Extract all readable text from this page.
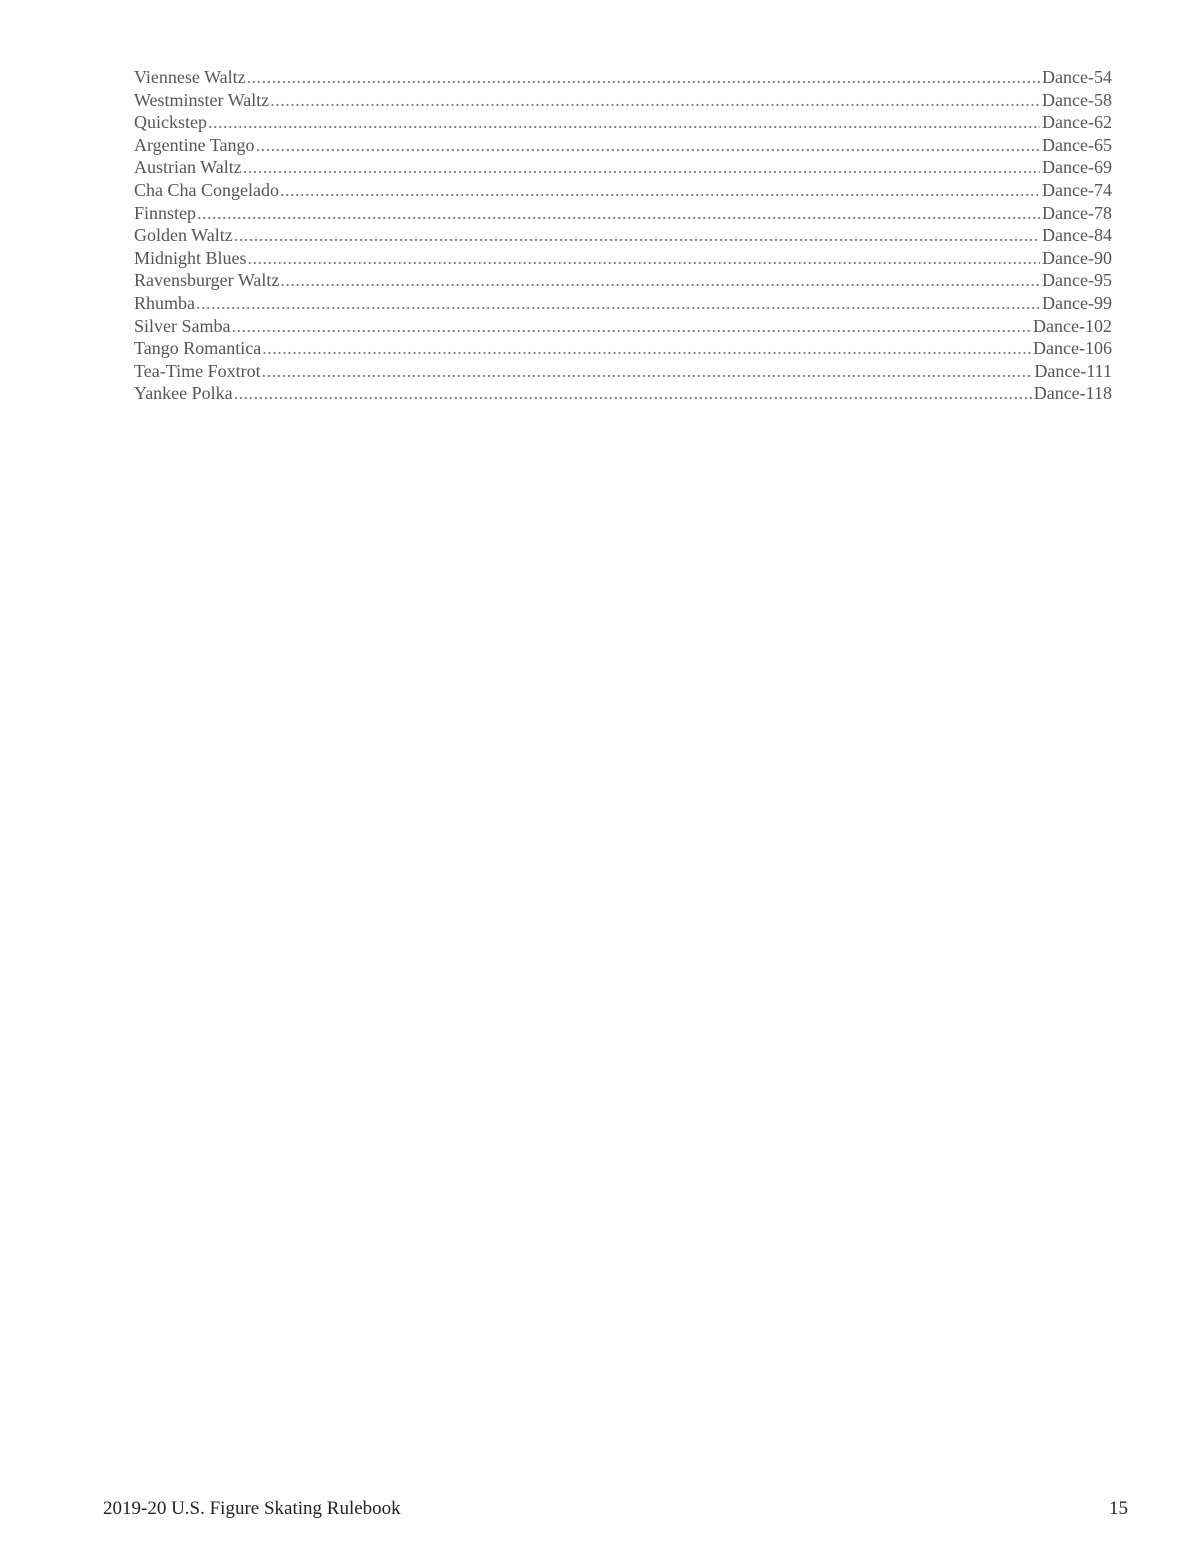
Viennese Waltz .....	Dance-54
Westminster Waltz .....	Dance-58
Quickstep .....	Dance-62
Argentine Tango .....	Dance-65
Austrian Waltz .....	Dance-69
Cha Cha Congelado .....	Dance-74
Finnstep .....	Dance-78
Golden Waltz .....	Dance-84
Midnight Blues .....	Dance-90
Ravensburger Waltz .....	Dance-95
Rhumba .....	Dance-99
Silver Samba .....	Dance-102
Tango Romantica .....	Dance-106
Tea-Time Foxtrot .....	Dance-111
Yankee Polka .....	Dance-118
2019-20 U.S. Figure Skating Rulebook	15
